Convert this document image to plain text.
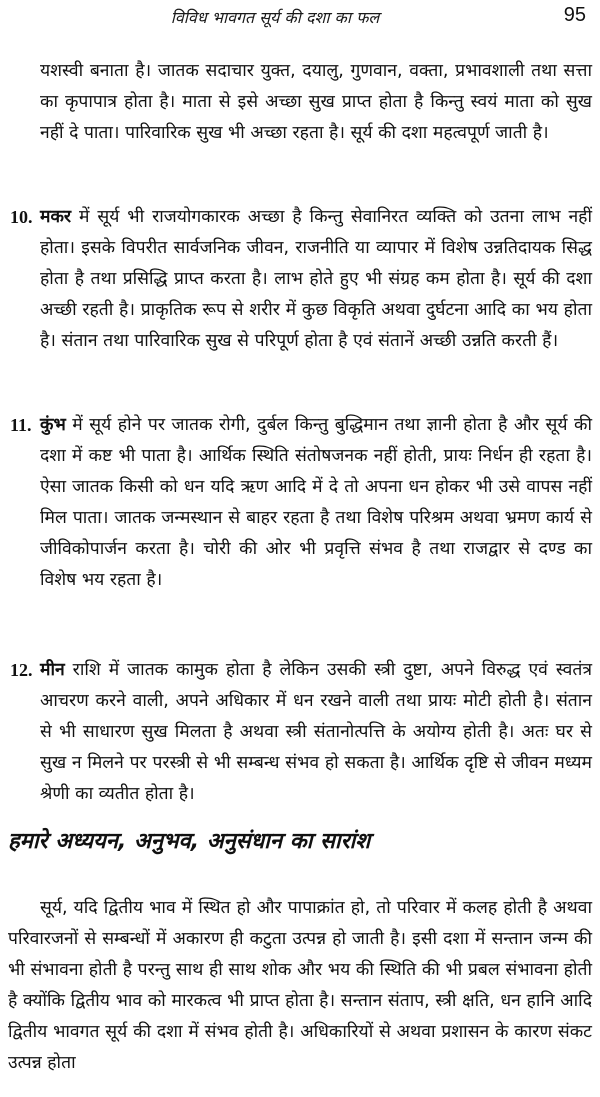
विविध भावगत सूर्य की दशा का फल	95
यशस्वी बनाता है। जातक सदाचार युक्त, दयालु, गुणवान, वक्ता, प्रभावशाली तथा सत्ता का कृपापात्र होता है। माता से इसे अच्छा सुख प्राप्त होता है किन्तु स्वयं माता को सुख नहीं दे पाता। पारिवारिक सुख भी अच्छा रहता है। सूर्य की दशा महत्वपूर्ण जाती है।
10. मकर में सूर्य भी राजयोगकारक अच्छा है किन्तु सेवानिरत व्यक्ति को उतना लाभ नहीं होता। इसके विपरीत सार्वजनिक जीवन, राजनीति या व्यापार में विशेष उन्नतिदायक सिद्ध होता है तथा प्रसिद्धि प्राप्त करता है। लाभ होते हुए भी संग्रह कम होता है। सूर्य की दशा अच्छी रहती है। प्राकृतिक रूप से शरीर में कुछ विकृति अथवा दुर्घटना आदि का भय होता है। संतान तथा पारिवारिक सुख से परिपूर्ण होता है एवं संतानें अच्छी उन्नति करती हैं।
11. कुंभ में सूर्य होने पर जातक रोगी, दुर्बल किन्तु बुद्धिमान तथा ज्ञानी होता है और सूर्य की दशा में कष्ट भी पाता है। आर्थिक स्थिति संतोषजनक नहीं होती, प्रायः निर्धन ही रहता है। ऐसा जातक किसी को धन यदि ऋण आदि में दे तो अपना धन होकर भी उसे वापस नहीं मिल पाता। जातक जन्मस्थान से बाहर रहता है तथा विशेष परिश्रम अथवा भ्रमण कार्य से जीविकोपार्जन करता है। चोरी की ओर भी प्रवृत्ति संभव है तथा राजद्वार से दण्ड का विशेष भय रहता है।
12. मीन राशि में जातक कामुक होता है लेकिन उसकी स्त्री दुष्टा, अपने विरुद्ध एवं स्वतंत्र आचरण करने वाली, अपने अधिकार में धन रखने वाली तथा प्रायः मोटी होती है। संतान से भी साधारण सुख मिलता है अथवा स्त्री संतानोत्पत्ति के अयोग्य होती है। अतः घर से सुख न मिलने पर परस्त्री से भी सम्बन्ध संभव हो सकता है। आर्थिक दृष्टि से जीवन मध्यम श्रेणी का व्यतीत होता है।
हमारे अध्ययन, अनुभव, अनुसंधान का सारांश
सूर्य, यदि द्वितीय भाव में स्थित हो और पापाक्रांत हो, तो परिवार में कलह होती है अथवा परिवारजनों से सम्बन्धों में अकारण ही कटुता उत्पन्न हो जाती है। इसी दशा में सन्तान जन्म की भी संभावना होती है परन्तु साथ ही साथ शोक और भय की स्थिति की भी प्रबल संभावना होती है क्योंकि द्वितीय भाव को मारकत्व भी प्राप्त होता है। सन्तान संताप, स्त्री क्षति, धन हानि आदि द्वितीय भावगत सूर्य की दशा में संभव होती है। अधिकारियों से अथवा प्रशासन के कारण संकट उत्पन्न होता
